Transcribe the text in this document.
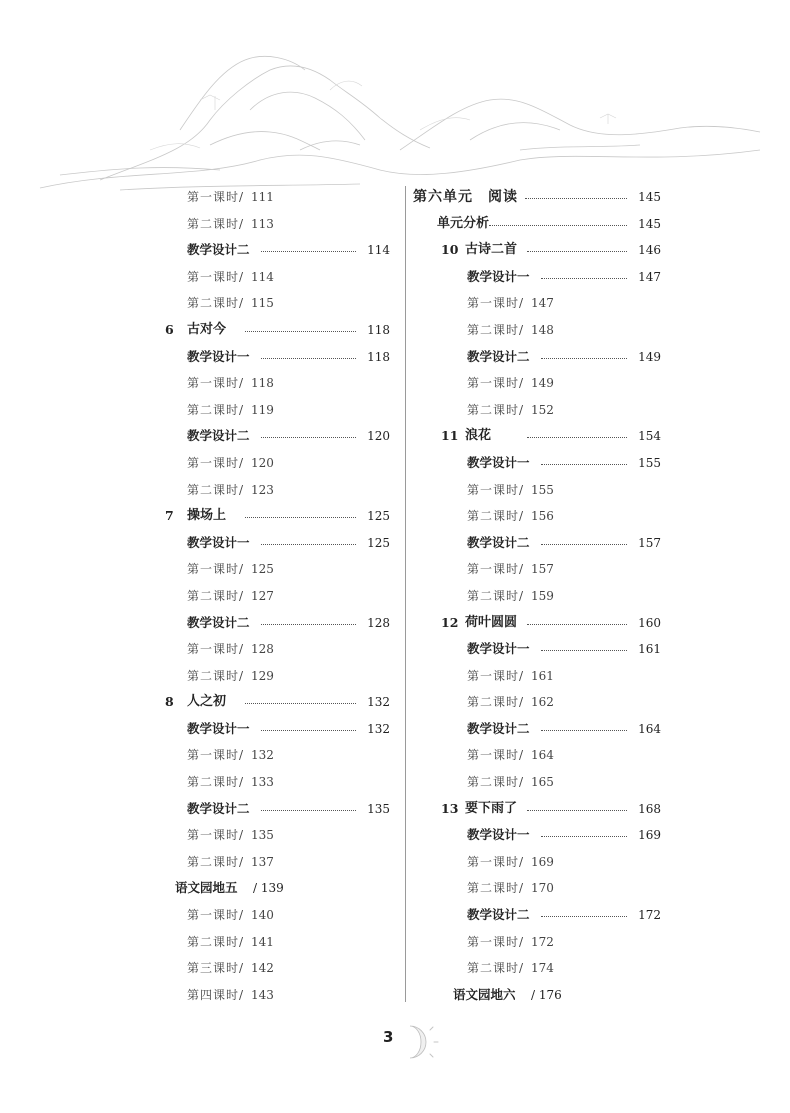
第一课时/ 111
第二课时/ 113
教学设计二	114
第一课时/ 114
第二课时/ 115
6 古对今	118
教学设计一	118
第一课时/ 118
第二课时/ 119
教学设计二	120
第一课时/ 120
第二课时/ 123
7 操场上	125
教学设计一	125
第一课时/ 125
第二课时/ 127
教学设计二	128
第一课时/ 128
第二课时/ 129
8 人之初	132
教学设计一	132
第一课时/ 132
第二课时/ 133
教学设计二	135
第一课时/ 135
第二课时/ 137
语文园地五 / 139
第一课时/ 140
第二课时/ 141
第三课时/ 142
第四课时/ 143
第六单元　阅读	145
单元分析	145
10 古诗二首	146
教学设计一	147
第一课时/ 147
第二课时/ 148
教学设计二	149
第一课时/ 149
第二课时/ 152
11 浪花	154
教学设计一	155
第一课时/ 155
第二课时/ 156
教学设计二	157
第一课时/ 157
第二课时/ 159
12 荷叶圆圆	160
教学设计一	161
第一课时/ 161
第二课时/ 162
教学设计二	164
第一课时/ 164
第二课时/ 165
13 要下雨了	168
教学设计一	169
第一课时/ 169
第二课时/ 170
教学设计二	172
第一课时/ 172
第二课时/ 174
语文园地六 / 176
3
